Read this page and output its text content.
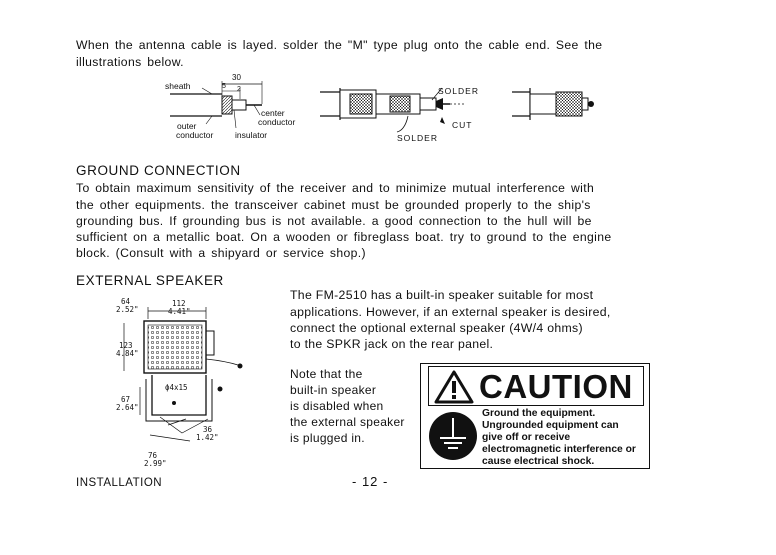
When the antenna cable is layed. solder the "M" type plug onto the cable end. See the
illustrations below.
sheath
30
5 2
center
conductor
outer
conductor	insulator
SOLDER
CUT
SOLDER
GROUND CONNECTION
To obtain maximum sensitivity of the receiver and to minimize mutual interference with
the other equipments. the transceiver cabinet must be grounded properly to the ship's
grounding bus. If grounding bus is not available. a good connection to the hull will be
sufficient on a metallic boat. On a wooden or fibreglass boat. try to ground to the engine
block. (Consult with a shipyard or service shop.)
EXTERNAL SPEAKER
64
2.52"
112
4.41"
123
4.84"
67
2.64"
ϕ4x15
36
1.42"
76
2.99"
The FM-2510 has a built-in speaker suitable for most
applications. However, if an external speaker is desired,
connect the optional external speaker (4W/4 ohms)
to the SPKR jack on the rear panel.
Note that the
built-in speaker
is disabled when
the external speaker
is plugged in.
CAUTION
Ground the equipment.
Ungrounded equipment can
give off or receive
electromagnetic interference or
cause electrical shock.
INSTALLATION	- 12 -
